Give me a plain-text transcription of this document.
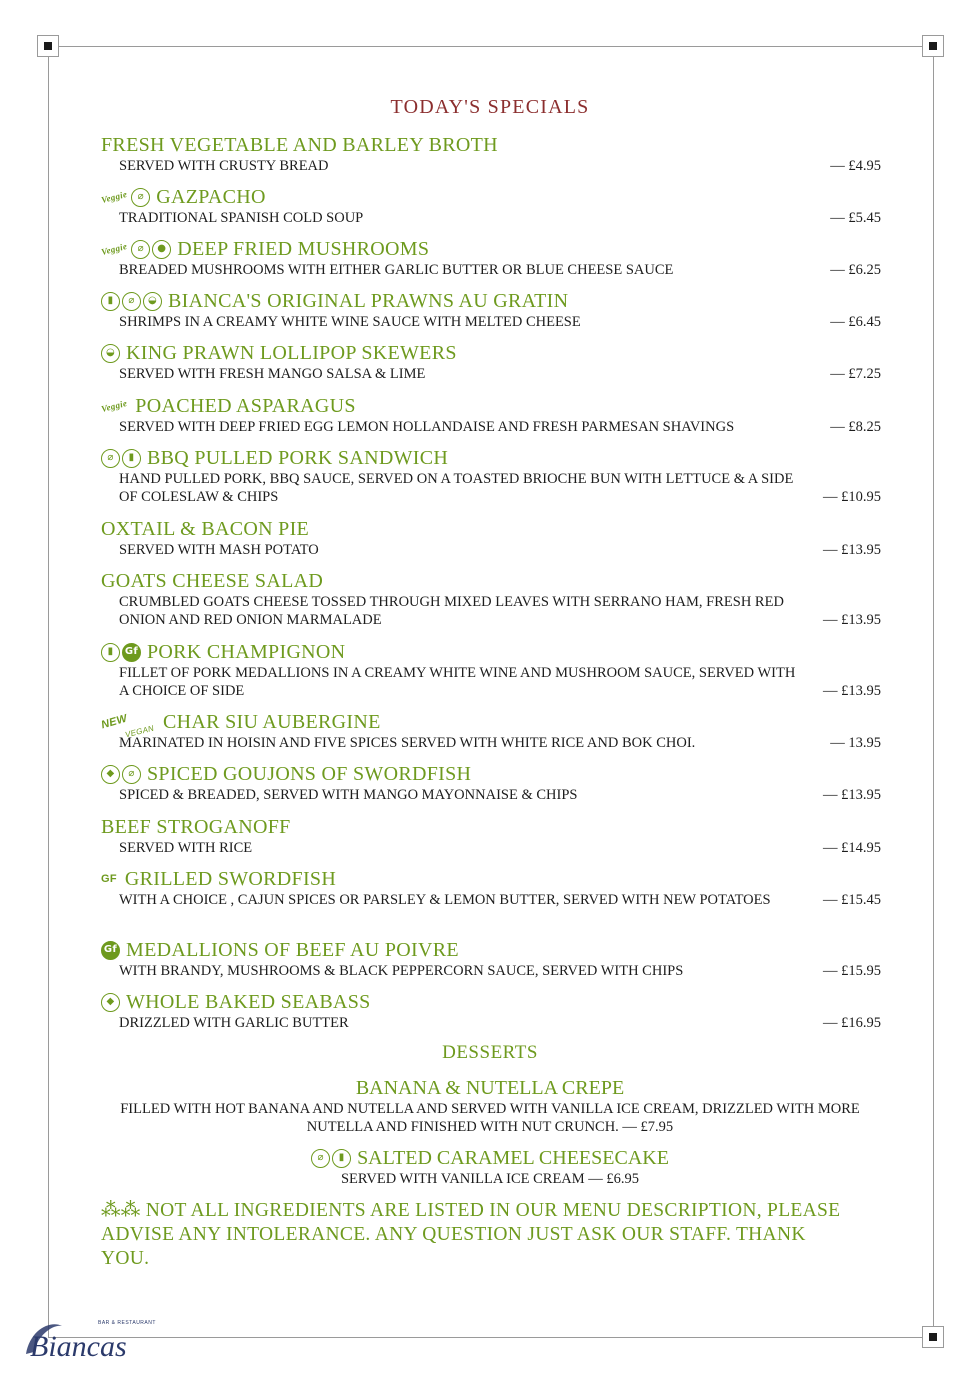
TODAY'S SPECIALS
FRESH VEGETABLE AND BARLEY BROTH
SERVED WITH CRUSTY BREAD	— £4.95
Veggie ⌀ GAZPACHO
TRADITIONAL SPANISH COLD SOUP	— £5.45
Veggie ⌀	● DEEP FRIED MUSHROOMS
BREADED MUSHROOMS WITH EITHER GARLIC BUTTER OR BLUE CHEESE SAUCE	— £6.25
▮	⌀	◒ BIANCA'S ORIGINAL PRAWNS AU GRATIN
SHRIMPS IN A CREAMY WHITE WINE SAUCE WITH MELTED CHEESE	— £6.45
◒ KING PRAWN LOLLIPOP SKEWERS
SERVED WITH FRESH MANGO SALSA & LIME	— £7.25
Veggie POACHED ASPARAGUS
SERVED WITH DEEP FRIED EGG LEMON HOLLANDAISE AND FRESH PARMESAN SHAVINGS	— £8.25
⌀	▮ BBQ PULLED PORK SANDWICH
HAND PULLED PORK, BBQ SAUCE, SERVED ON A TOASTED BRIOCHE BUN WITH LETTUCE & A SIDE OF COLESLAW & CHIPS	— £10.95
OXTAIL & BACON PIE
SERVED WITH MASH POTATO	— £13.95
GOATS CHEESE SALAD
CRUMBLED GOATS CHEESE TOSSED THROUGH MIXED LEAVES WITH SERRANO HAM, FRESH RED ONION AND RED ONION MARMALADE	— £13.95
▮	Gf PORK CHAMPIGNON
FILLET OF PORK MEDALLIONS IN A CREAMY WHITE WINE AND MUSHROOM SAUCE, SERVED WITH A CHOICE OF SIDE	— £13.95
NEW
VEGAN CHAR SIU AUBERGINE
MARINATED IN HOISIN AND FIVE SPICES SERVED WITH WHITE RICE AND BOK CHOI.	— 13.95
◆	⌀ SPICED GOUJONS OF SWORDFISH
SPICED & BREADED, SERVED WITH MANGO MAYONNAISE & CHIPS	— £13.95
BEEF STROGANOFF
SERVED WITH RICE	— £14.95
GF GRILLED SWORDFISH
WITH A CHOICE , CAJUN SPICES OR PARSLEY & LEMON BUTTER, SERVED WITH NEW POTATOES	— £15.45
Gf MEDALLIONS OF BEEF AU POIVRE
WITH BRANDY, MUSHROOMS & BLACK PEPPERCORN SAUCE, SERVED WITH CHIPS	— £15.95
◆ WHOLE BAKED SEABASS
DRIZZLED WITH GARLIC BUTTER	— £16.95
DESSERTS
BANANA & NUTELLA CREPE
FILLED WITH HOT BANANA AND NUTELLA AND SERVED WITH VANILLA ICE CREAM, DRIZZLED WITH MORE NUTELLA AND FINISHED WITH NUT CRUNCH. — £7.95
⌀	▮ SALTED CARAMEL CHEESECAKE
SERVED WITH VANILLA ICE CREAM — £6.95
⁂⁂ NOT ALL INGREDIENTS ARE LISTED IN OUR MENU DESCRIPTION, PLEASE ADVISE ANY INTOLERANCE. ANY QUESTION JUST ASK OUR STAFF. THANK YOU.
Biancas
BAR & RESTAURANT
